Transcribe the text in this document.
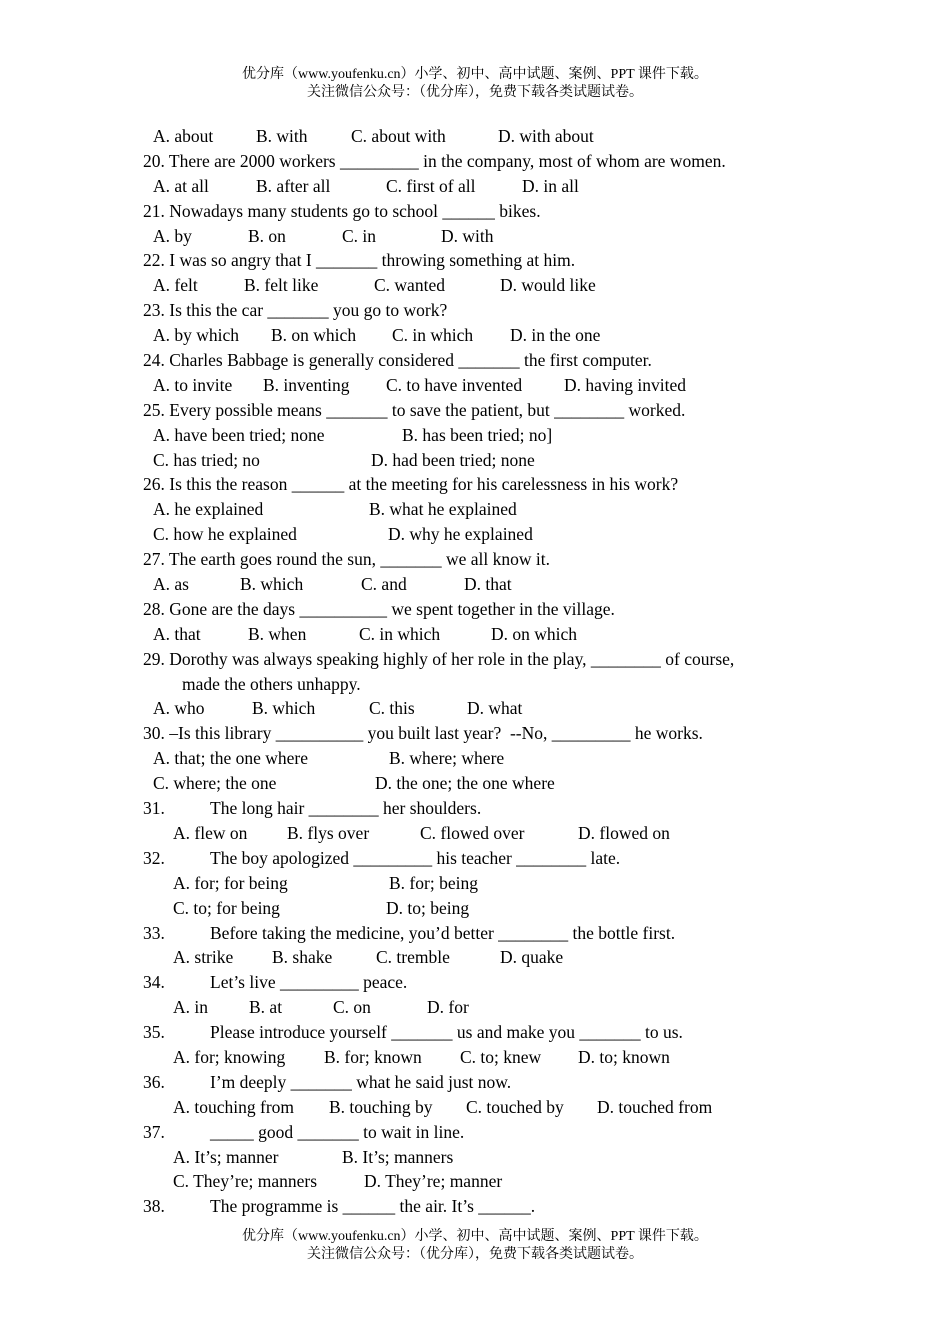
优分库（www.youfenku.cn）小学、初中、高中试题、案例、PPT 课件下载。
关注微信公众号：（优分库），免费下载各类试题试卷。
A. about B. with C. about with	D. with about
20. There are 2000 workers _________ in the company, most of whom are women.
A. at all	B. after all	C. first of all	D. in all
21. Nowadays many students go to school ______ bikes.
A. by	B. on	C. in	D. with
22. I was so angry that I _______ throwing something at him.
A. felt	B. felt like	C. wanted	D. would like
23. Is this the car _______ you go to work?
A. by which B. on which C. in which D. in the one
24. Charles Babbage is generally considered _______ the first computer.
A. to invite B. inventing C. to have invented D. having invited
25. Every possible means _______ to save the patient, but ________ worked.
A. have been tried; none	B. has been tried; no]
C. has tried; no	D. had been tried; none
26. Is this the reason ______ at the meeting for his carelessness in his work?
A. he explained	B. what he explained
C. how he explained	D. why he explained
27. The earth goes round the sun, _______ we all know it.
A. as	B. which	C. and	D. that
28. Gone are the days __________ we spent together in the village.
A. that	B. when	C. in which	D. on which
29. Dorothy was always speaking highly of her role in the play, ________ of course,
made the others unhappy.
A. who	B. which	C. this	D. what
30. –Is this library __________ you built last year?  --No, _________ he works.
A. that; the one where	B. where; where
C. where; the one	D. the one; the one where
31.	The long hair ________ her shoulders.
A. flew on B. flys over	C. flowed over	D. flowed on
32.	The boy apologized _________ his teacher ________ late.
A. for; for being	B. for; being
C. to; for being	D. to; being
33.	Before taking the medicine, you’d better ________ the bottle first.
A. strike B. shake C. tremble	D. quake
34.	Let’s live _________ peace.
A. in B. at	C. on	D. for
35.	Please introduce yourself _______ us and make you _______ to us.
A. for; knowing B. for; known C. to; knew D. to; known
36.	I’m deeply _______ what he said just now.
A. touching from B. touching by C. touched by D. touched from
37.	_____ good _______ to wait in line.
A. It’s; manner	B. It’s; manners
C. They’re; manners	D. They’re; manner
38.	The programme is ______ the air. It’s ______.
优分库（www.youfenku.cn）小学、初中、高中试题、案例、PPT 课件下载。
关注微信公众号：（优分库），免费下载各类试题试卷。
